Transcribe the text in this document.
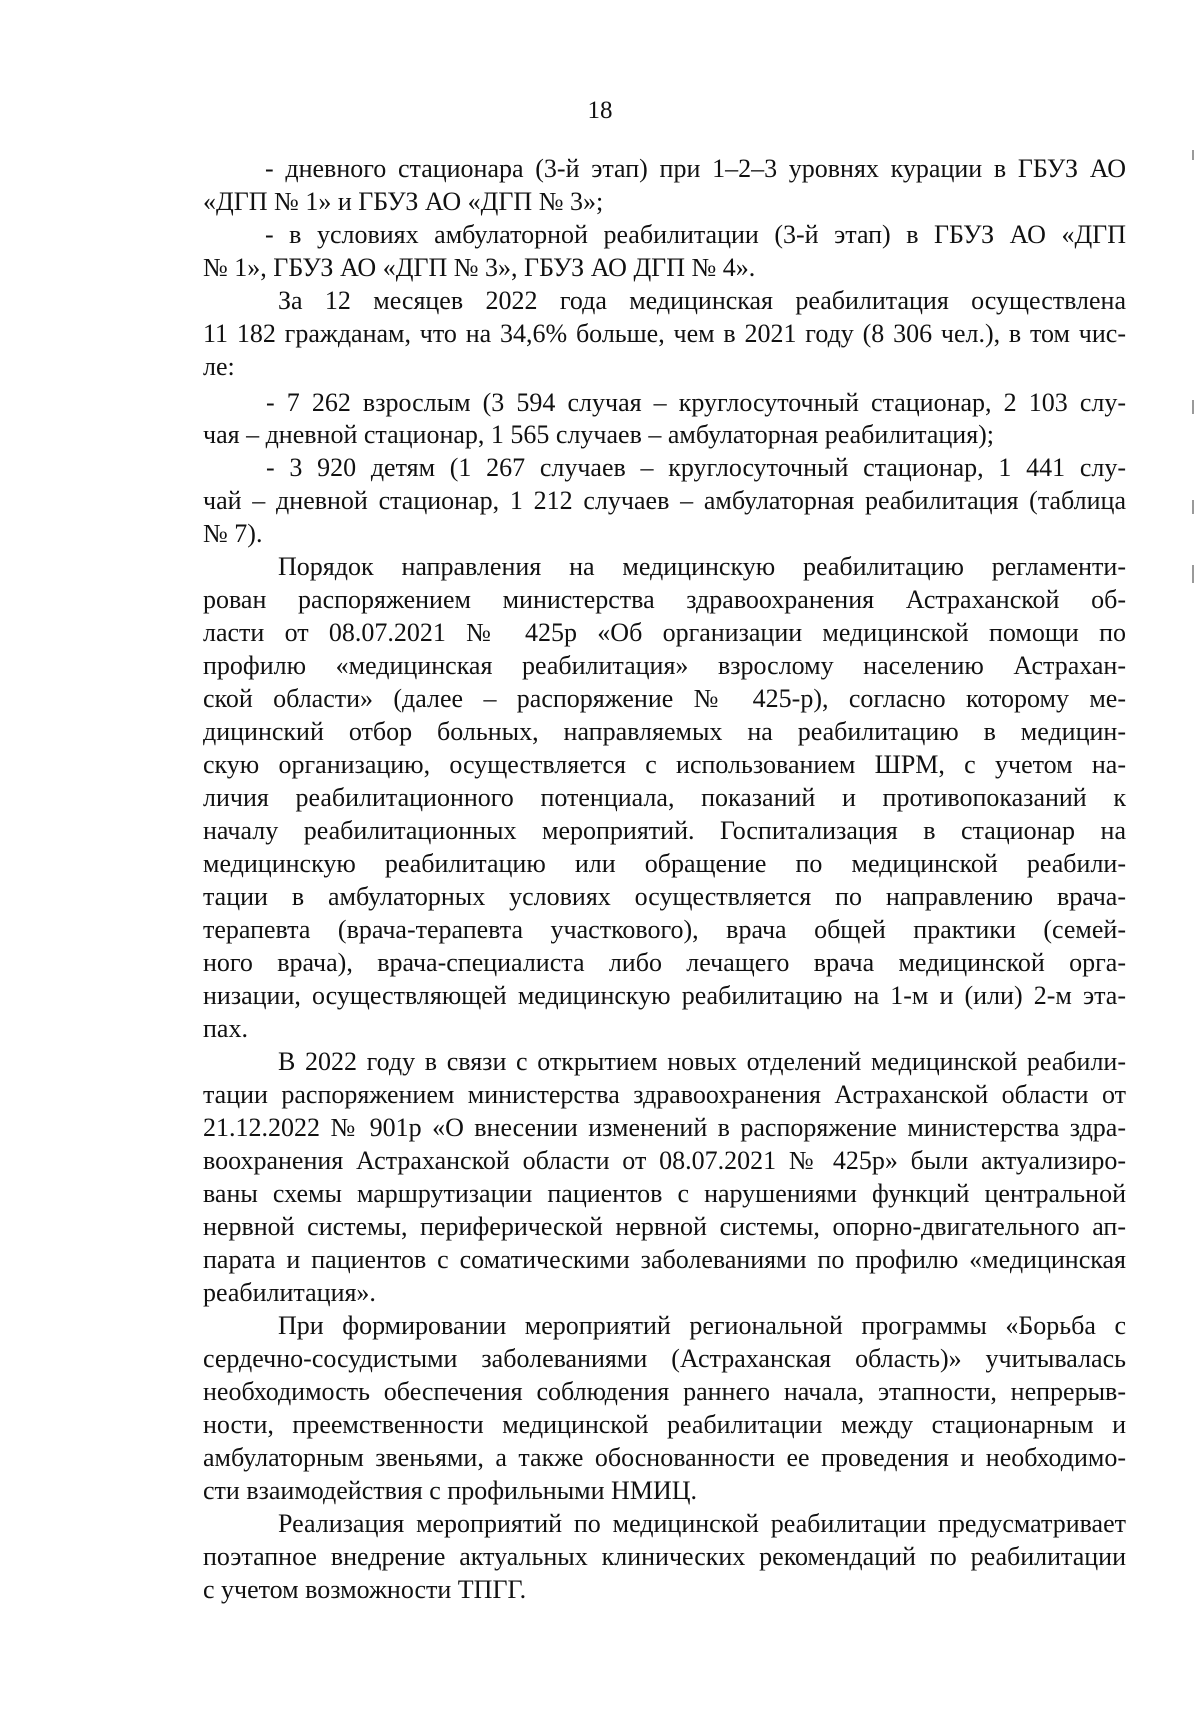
18
- дневного стационара (3-й этап) при 1–2–3 уровнях курации в ГБУЗ АО
«ДГП № 1» и ГБУЗ АО «ДГП № 3»;
- в условиях амбулаторной реабилитации (3-й этап) в ГБУЗ АО «ДГП
№ 1», ГБУЗ АО «ДГП № 3», ГБУЗ АО ДГП № 4».
За 12 месяцев 2022 года медицинская реабилитация осуществлена
11 182 гражданам, что на 34,6% больше, чем в 2021 году (8 306 чел.), в том чис-
ле:
- 7 262 взрослым (3 594 случая – круглосуточный стационар, 2 103 слу-
чая – дневной стационар, 1 565 случаев – амбулаторная реабилитация);
- 3 920 детям (1 267 случаев – круглосуточный стационар, 1 441 слу-
чай – дневной стационар, 1 212 случаев – амбулаторная реабилитация (таблица
№ 7).
Порядок направления на медицинскую реабилитацию регламенти-
рован распоряжением министерства здравоохранения Астраханской об-
ласти от 08.07.2021 № 425р «Об организации медицинской помощи по
профилю «медицинская реабилитация» взрослому населению Астрахан-
ской области» (далее – распоряжение № 425-р), согласно которому ме-
дицинский отбор больных, направляемых на реабилитацию в медицин-
скую организацию, осуществляется с использованием ШРМ, с учетом на-
личия реабилитационного потенциала, показаний и противопоказаний к
началу реабилитационных мероприятий. Госпитализация в стационар на
медицинскую реабилитацию или обращение по медицинской реабили-
тации в амбулаторных условиях осуществляется по направлению врача-
терапевта (врача-терапевта участкового), врача общей практики (семей-
ного врача), врача-специалиста либо лечащего врача медицинской орга-
низации, осуществляющей медицинскую реабилитацию на 1-м и (или) 2-м эта-
пах.
В 2022 году в связи с открытием новых отделений медицинской реабили-
тации распоряжением министерства здравоохранения Астраханской области от
21.12.2022 № 901р «О внесении изменений в распоряжение министерства здра-
воохранения Астраханской области от 08.07.2021 № 425р» были актуализиро-
ваны схемы маршрутизации пациентов с нарушениями функций центральной
нервной системы, периферической нервной системы, опорно-двигательного ап-
парата и пациентов с соматическими заболеваниями по профилю «медицинская
реабилитация».
При формировании мероприятий региональной программы «Борьба с
сердечно-сосудистыми заболеваниями (Астраханская область)» учитывалась
необходимость обеспечения соблюдения раннего начала, этапности, непрерыв-
ности, преемственности медицинской реабилитации между стационарным и
амбулаторным звеньями, а также обоснованности ее проведения и необходимо-
сти взаимодействия с профильными НМИЦ.
Реализация мероприятий по медицинской реабилитации предусматривает
поэтапное внедрение актуальных клинических рекомендаций по реабилитации
с учетом возможности ТПГГ.
